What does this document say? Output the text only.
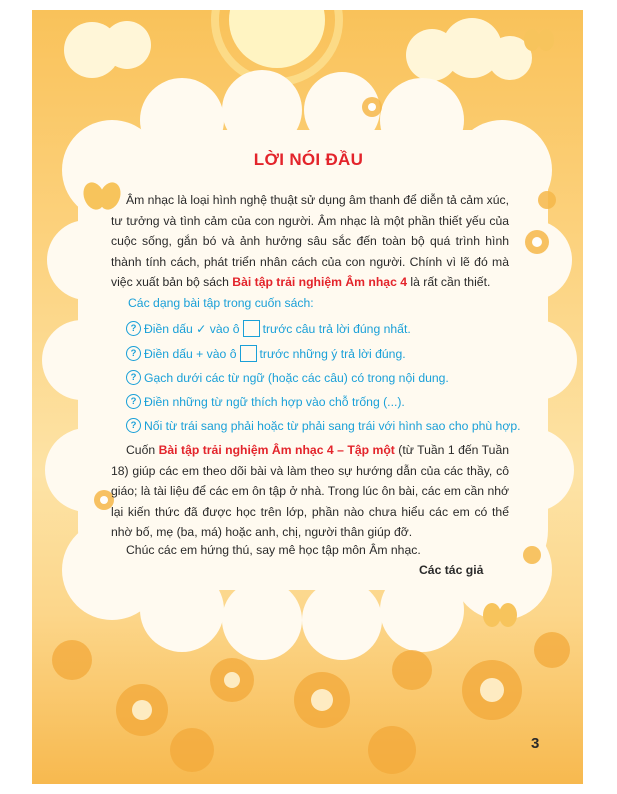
LỜI NÓI ĐẦU
Âm nhạc là loại hình nghệ thuật sử dụng âm thanh để diễn tả cảm xúc, tư tưởng và tình cảm của con người. Âm nhạc là một phần thiết yếu của cuộc sống, gắn bó và ảnh hưởng sâu sắc đến toàn bộ quá trình hình thành tính cách, phát triển nhân cách của con người. Chính vì lẽ đó mà việc xuất bản bộ sách Bài tập trải nghiệm Âm nhạc 4 là rất cần thiết.
Các dạng bài tập trong cuốn sách:
? Điền dấu ✓ vào ô trước câu trả lời đúng nhất.
? Điền dấu + vào ô trước những ý trả lời đúng.
? Gạch dưới các từ ngữ (hoặc các câu) có trong nội dung.
? Điền những từ ngữ thích hợp vào chỗ trống (...).
? Nối từ trái sang phải hoặc từ phải sang trái với hình sao cho phù hợp.
Cuốn Bài tập trải nghiệm Âm nhạc 4 – Tập một (từ Tuần 1 đến Tuần 18) giúp các em theo dõi bài và làm theo sự hướng dẫn của các thầy, cô giáo; là tài liệu để các em ôn tập ở nhà. Trong lúc ôn bài, các em cần nhớ lại kiến thức đã được học trên lớp, phần nào chưa hiểu các em có thể nhờ bố, mẹ (ba, má) hoặc anh, chị, người thân giúp đỡ.
Chúc các em hứng thú, say mê học tập môn Âm nhạc.
Các tác giả
3
